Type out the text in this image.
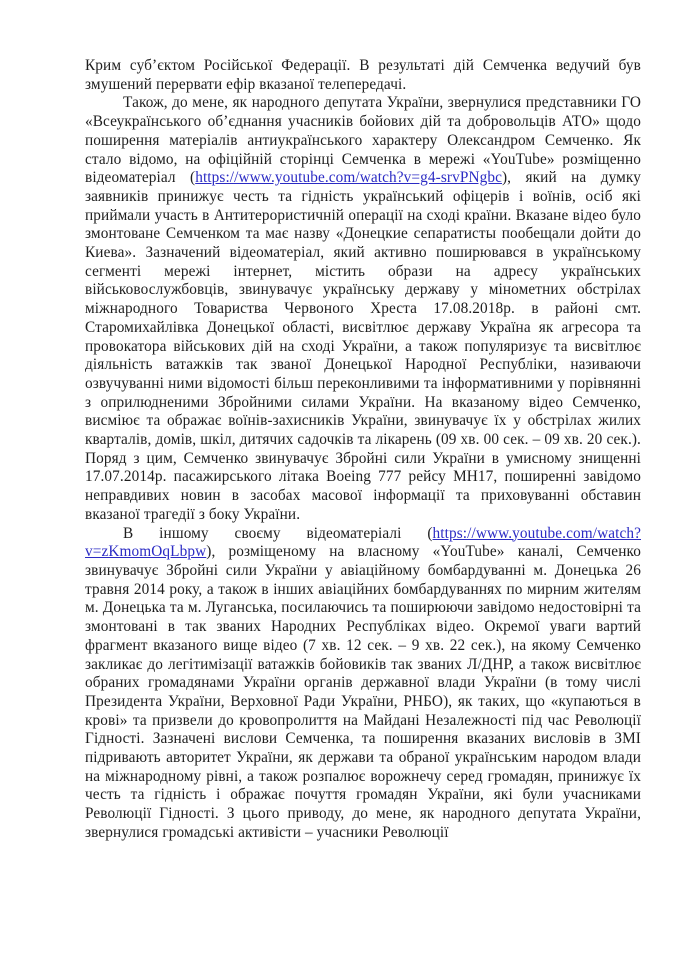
Крим суб’єктом Російської Федерації. В результаті дій Семченка ведучий був змушений перервати ефір вказаної телепередачі.

Також, до мене, як народного депутата України, звернулися представники ГО «Всеукраїнського об’єднання учасників бойових дій та добровольців АТО» щодо поширення матеріалів антиукраїнського характеру Олександром Семченко. Як стало відомо, на офіційній сторінці Семченка в мережі «YouTube» розміщенно відеоматеріал (https://www.youtube.com/watch?v=g4-srvPNgbc), який на думку заявників принижує честь та гідність український офіцерів і воїнів, осіб які приймали участь в Антитерористичній операції на сході країни. Вказане відео було змонтоване Семченком та має назву «Донецкие сепаратисты пообещали дойти до Киева». Зазначений відеоматеріал, який активно поширювався в українському сегменті мережі інтернет, містить образи на адресу українських військовослужбовців, звинувачує українську державу у мінометних обстрілах міжнародного Товариства Червоного Хреста 17.08.2018р. в районі смт. Старомихайлівка Донецької області, висвітлює державу Україна як агресора та провокатора військових дій на сході України, а також популяризує та висвітлює діяльність ватажків так званої Донецької Народної Республіки, називаючи озвучуванні ними відомості більш переконливими та інформативними у порівнянні з оприлюдненими Збройними силами України. На вказаному відео Семченко, висміює та ображає воїнів-захисників України, звинувачує їх у обстрілах жилих кварталів, домів, шкіл, дитячих садочків та лікарень (09 хв. 00 сек. – 09 хв. 20 сек.). Поряд з цим, Семченко звинувачує Збройні сили України в умисному знищенні 17.07.2014р. пасажирського літака Boeing 777 рейсу МН17, поширенні завідомо неправдивих новин в засобах масової інформації та приховуванні обставин вказаної трагедії з боку України.

В іншому своєму відеоматеріалі (https://www.youtube.com/watch?v=zKmomOqLbpw), розміщеному на власному «YouTube» каналі, Семченко звинувачує Збройні сили України у авіаційному бомбардуванні м. Донецька 26 травня 2014 року, а також в інших авіаційних бомбардуваннях по мирним жителям м. Донецька та м. Луганська, посилаючись та поширюючи завідомо недостовірні та змонтовані в так званих Народних Республіках відео. Окремої уваги вартий фрагмент вказаного вище відео (7 хв. 12 сек. – 9 хв. 22 сек.), на якому Семченко закликає до легітимізації ватажків бойовиків так званих Л/ДНР, а також висвітлює обраних громадянами України органів державної влади України (в тому числі Президента України, Верховної Ради України, РНБО), як таких, що «купаються в крові» та призвели до кровопролиття на Майдані Незалежності під час Революції Гідності. Зазначені вислови Семченка, та поширення вказаних висловів в ЗМІ підривають авторитет України, як держави та обраної українським народом влади на міжнародному рівні, а також розпалює ворожнечу серед громадян, принижує їх честь та гідність і ображає почуття громадян України, які були учасниками Революції Гідності. З цього приводу, до мене, як народного депутата України, звернулися громадські активісти – учасники Революції
